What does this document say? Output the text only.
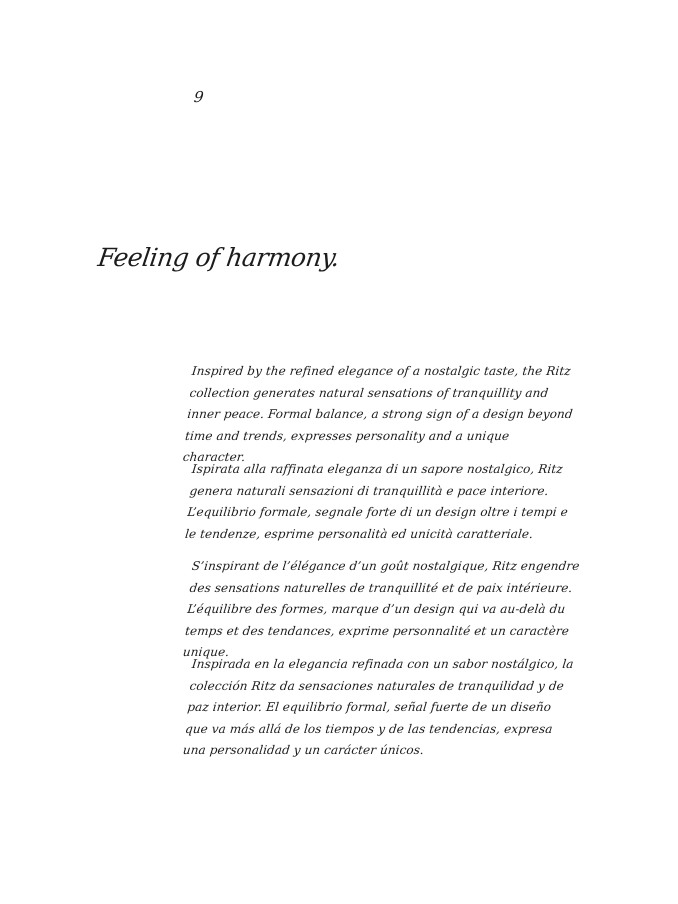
9
Feeling of harmony.

Inspired by the refined elegance of a nostalgic taste, the Ritz collection generates natural sensations of tranquillity and inner peace. Formal balance, a strong sign of a design beyond time and trends, expresses personality and a unique character.

Ispirata alla raffinata eleganza di un sapore nostalgico, Ritz genera naturali sensazioni di tranquillità e pace interiore. L’equilibrio formale, segnale forte di un design oltre i tempi e le tendenze, esprime personalità ed unicità caratteriale.

S’inspirant de l’élégance d’un goût nostalgique, Ritz engendre des sensations naturelles de tranquillité et de paix intérieure. L’équilibre des formes, marque d’un design qui va au-delà du temps et des tendances, exprime personnalité et un caractère unique.

Inspirada en la elegancia refinada con un sabor nostálgico, la colección Ritz da sensaciones naturales de tranquilidad y de paz interior. El equilibrio formal, señal fuerte de un diseño que va más allá de los tiempos y de las tendencias, expresa una personalidad y un carácter únicos.
